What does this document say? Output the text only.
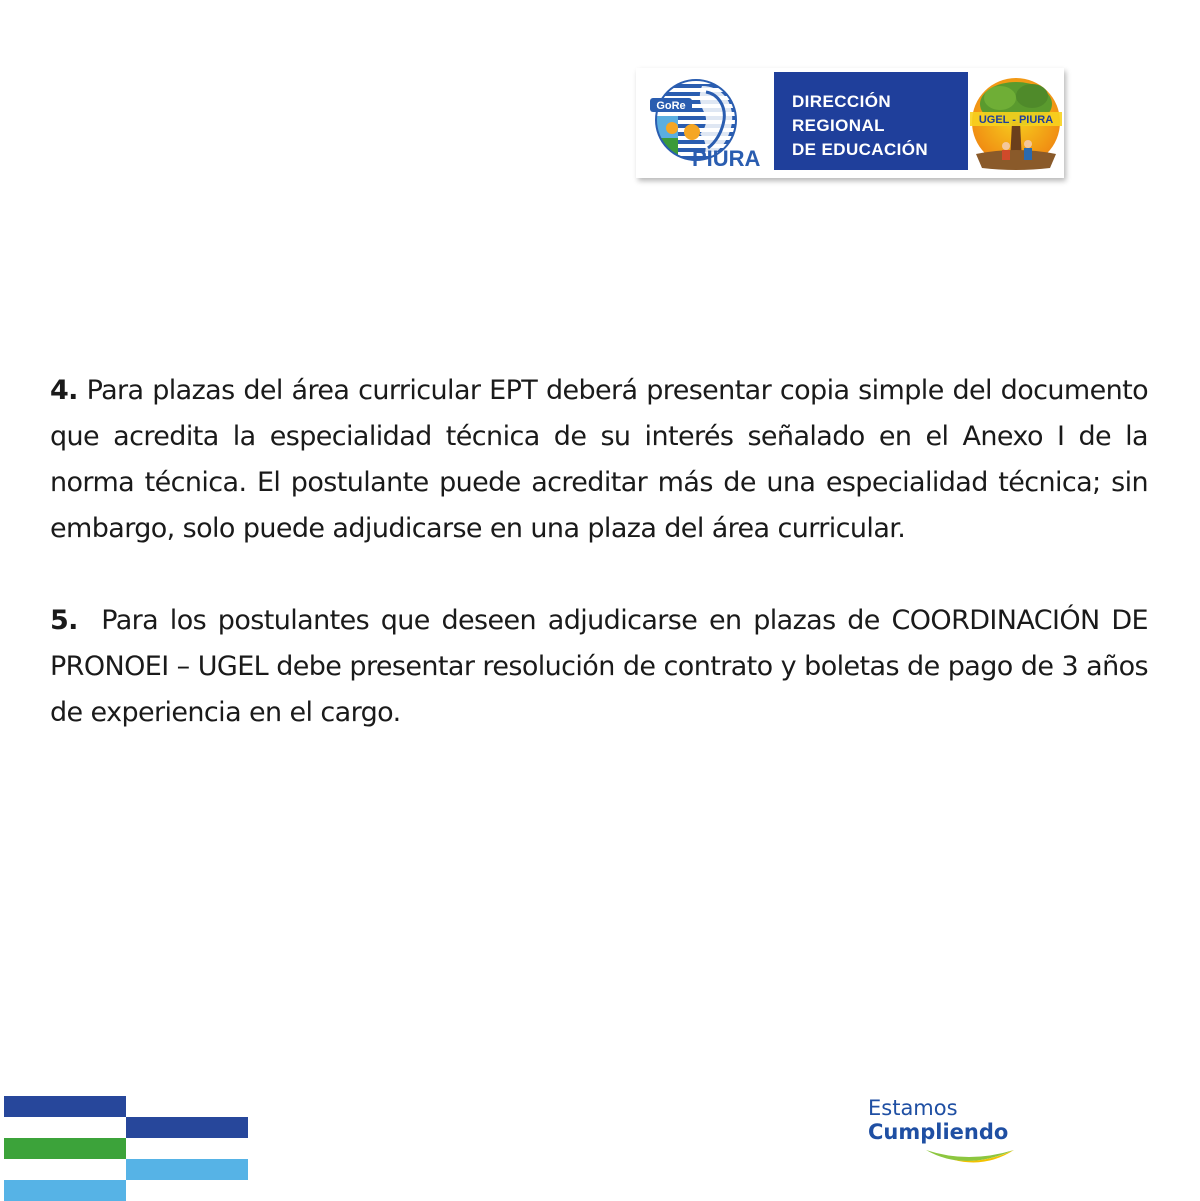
GoRe
PIURA
DIRECCIÓN
REGIONAL
DE EDUCACIÓN
UGEL - PIURA

4. Para plazas del área curricular EPT deberá presentar copia simple del documento que acredita la especialidad técnica de su interés señalado en el Anexo I de la norma técnica. El postulante puede acreditar más de una especialidad técnica; sin embargo, solo puede adjudicarse en una plaza del área curricular.

5. Para los postulantes que deseen adjudicarse en plazas de COORDINACIÓN DE PRONOEI – UGEL debe presentar resolución de contrato y boletas de pago de 3 años de experiencia en el cargo.

Estamos
Cumpliendo
